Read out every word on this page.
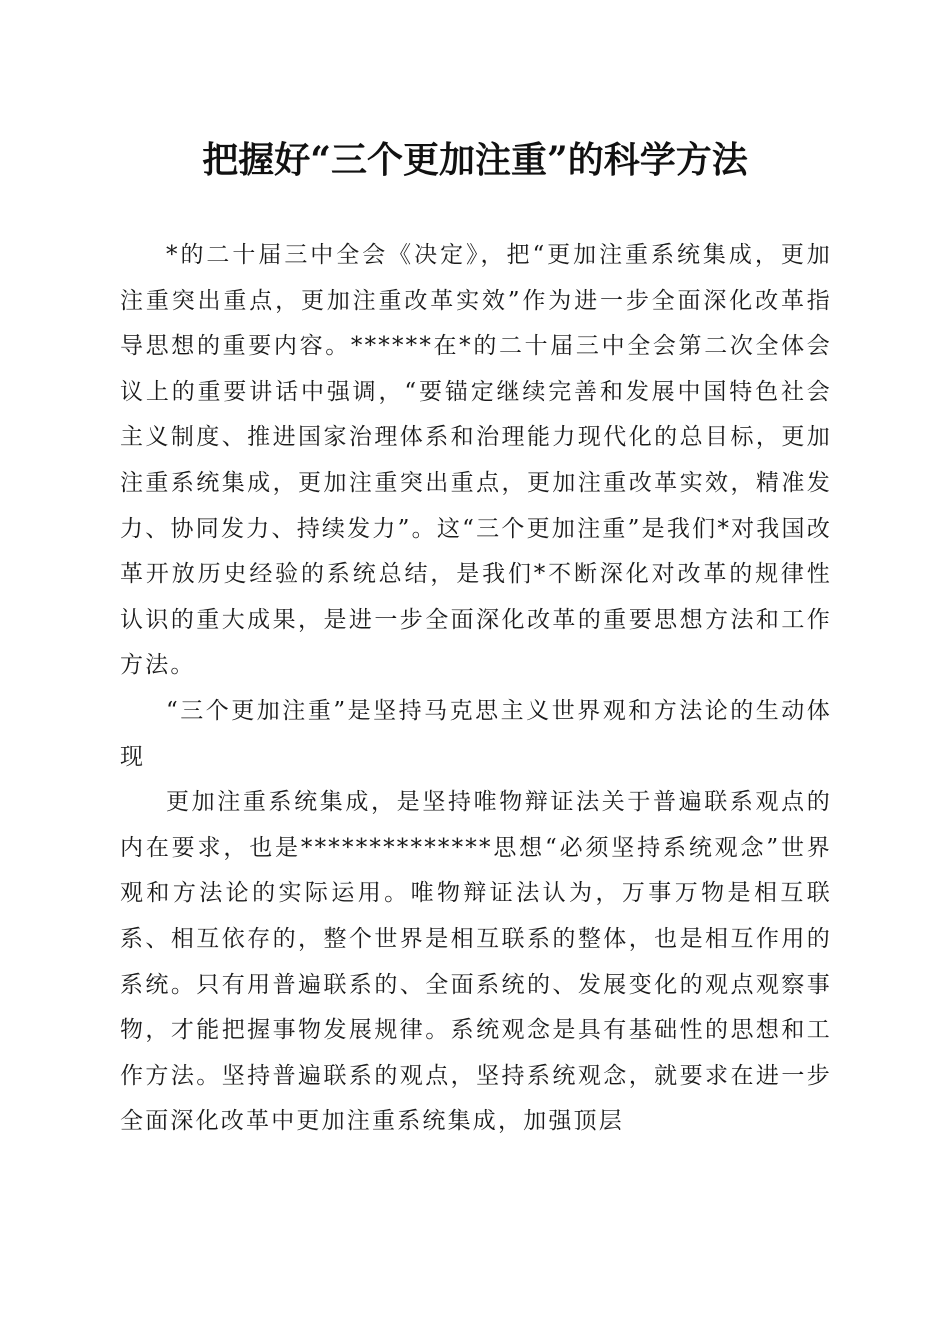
把握好“三个更加注重”的科学方法

*的二十届三中全会《决定》，把“更加注重系统集成，更加注重突出重点，更加注重改革实效”作为进一步全面深化改革指导思想的重要内容。******在*的二十届三中全会第二次全体会议上的重要讲话中强调，“要锚定继续完善和发展中国特色社会主义制度、推进国家治理体系和治理能力现代化的总目标，更加注重系统集成，更加注重突出重点，更加注重改革实效，精准发力、协同发力、持续发力”。这“三个更加注重”是我们*对我国改革开放历史经验的系统总结，是我们*不断深化对改革的规律性认识的重大成果，是进一步全面深化改革的重要思想方法和工作方法。

“三个更加注重”是坚持马克思主义世界观和方法论的生动体现

更加注重系统集成，是坚持唯物辩证法关于普遍联系观点的内在要求，也是**************思想“必须坚持系统观念”世界观和方法论的实际运用。唯物辩证法认为，万事万物是相互联系、相互依存的，整个世界是相互联系的整体，也是相互作用的系统。只有用普遍联系的、全面系统的、发展变化的观点观察事物，才能把握事物发展规律。系统观念是具有基础性的思想和工作方法。坚持普遍联系的观点，坚持系统观念，就要求在进一步全面深化改革中更加注重系统集成，加强顶层
